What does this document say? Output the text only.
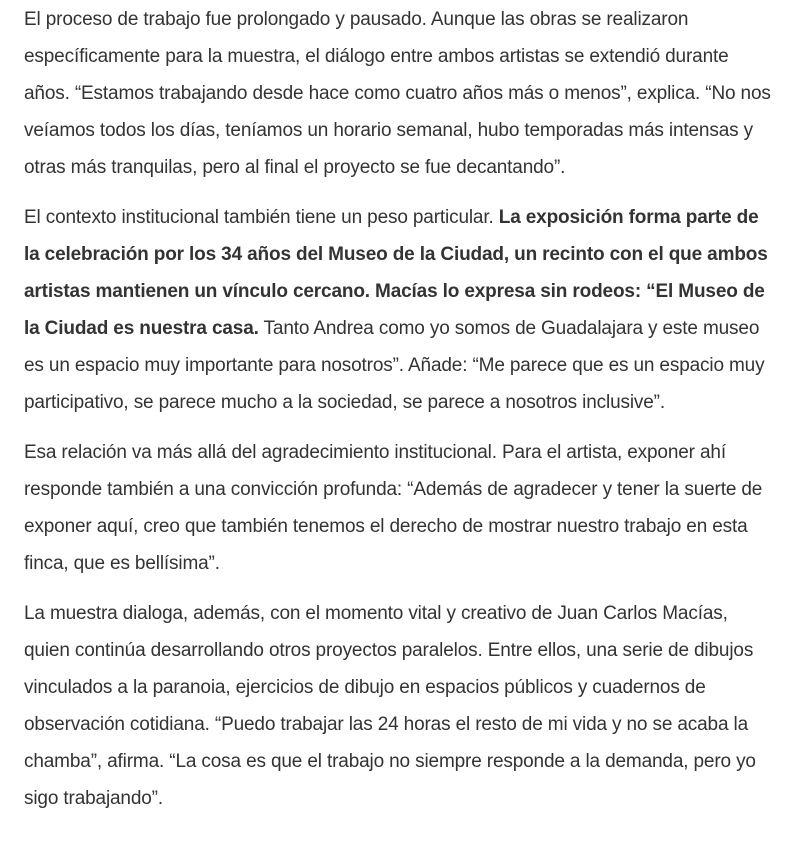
El proceso de trabajo fue prolongado y pausado. Aunque las obras se realizaron específicamente para la muestra, el diálogo entre ambos artistas se extendió durante años. “Estamos trabajando desde hace como cuatro años más o menos”, explica. “No nos veíamos todos los días, teníamos un horario semanal, hubo temporadas más intensas y otras más tranquilas, pero al final el proyecto se fue decantando”.

El contexto institucional también tiene un peso particular. La exposición forma parte de la celebración por los 34 años del Museo de la Ciudad, un recinto con el que ambos artistas mantienen un vínculo cercano. Macías lo expresa sin rodeos: “El Museo de la Ciudad es nuestra casa. Tanto Andrea como yo somos de Guadalajara y este museo es un espacio muy importante para nosotros”. Añade: “Me parece que es un espacio muy participativo, se parece mucho a la sociedad, se parece a nosotros inclusive”.

Esa relación va más allá del agradecimiento institucional. Para el artista, exponer ahí responde también a una convicción profunda: “Además de agradecer y tener la suerte de exponer aquí, creo que también tenemos el derecho de mostrar nuestro trabajo en esta finca, que es bellísima”.

La muestra dialoga, además, con el momento vital y creativo de Juan Carlos Macías, quien continúa desarrollando otros proyectos paralelos. Entre ellos, una serie de dibujos vinculados a la paranoia, ejercicios de dibujo en espacios públicos y cuadernos de observación cotidiana. “Puedo trabajar las 24 horas el resto de mi vida y no se acaba la chamba”, afirma. “La cosa es que el trabajo no siempre responde a la demanda, pero yo sigo trabajando”.
